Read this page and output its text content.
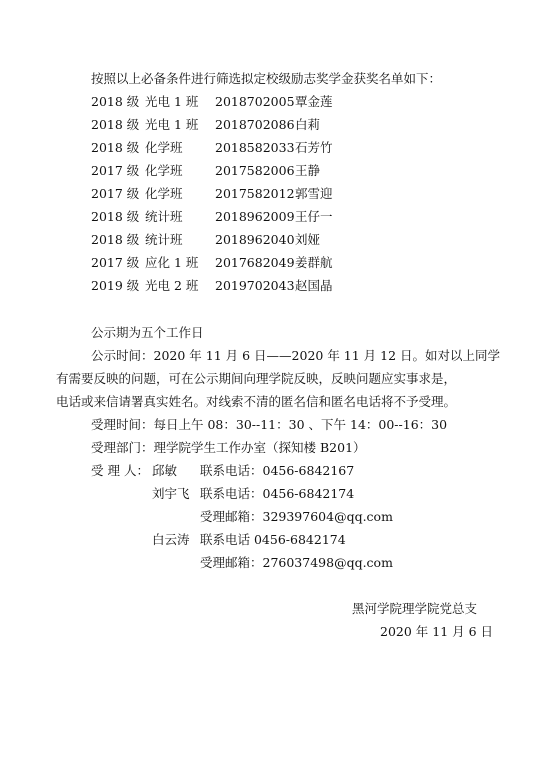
按照以上必备条件进行筛选拟定校级励志奖学金获奖名单如下：
2018 级 光电 1 班 2018702005 覃金莲
2018 级 光电 1 班 2018702086 白莉
2018 级 化学班	2018582033 石芳竹
2017 级 化学班	2017582006 王静
2017 级 化学班	2017582012 郭雪迎
2018 级 统计班	2018962009 王仔一
2018 级 统计班	2018962040 刘娅
2017 级 应化 1 班 2017682049 姜群航
2019 级 光电 2 班 2019702043 赵国晶
公示期为五个工作日
公示时间：2020 年 11 月 6 日——2020 年 11 月 12 日。如对以上同学
有需要反映的问题，可在公示期间向理学院反映，反映问题应实事求是，
电话或来信请署真实姓名。对线索不清的匿名信和匿名电话将不予受理。
受理时间：每日上午 08：30--11：30 、下午 14：00--16：30
受理部门：理学院学生工作办室（探知楼 B201）
受 理 人： 邱敏 联系电话：0456-6842167
刘宇飞 联系电话：0456-6842174
受理邮箱：329397604@qq.com
白云涛 联系电话 0456-6842174
受理邮箱：276037498@qq.com
黑河学院理学院党总支
2020 年 11 月 6 日
